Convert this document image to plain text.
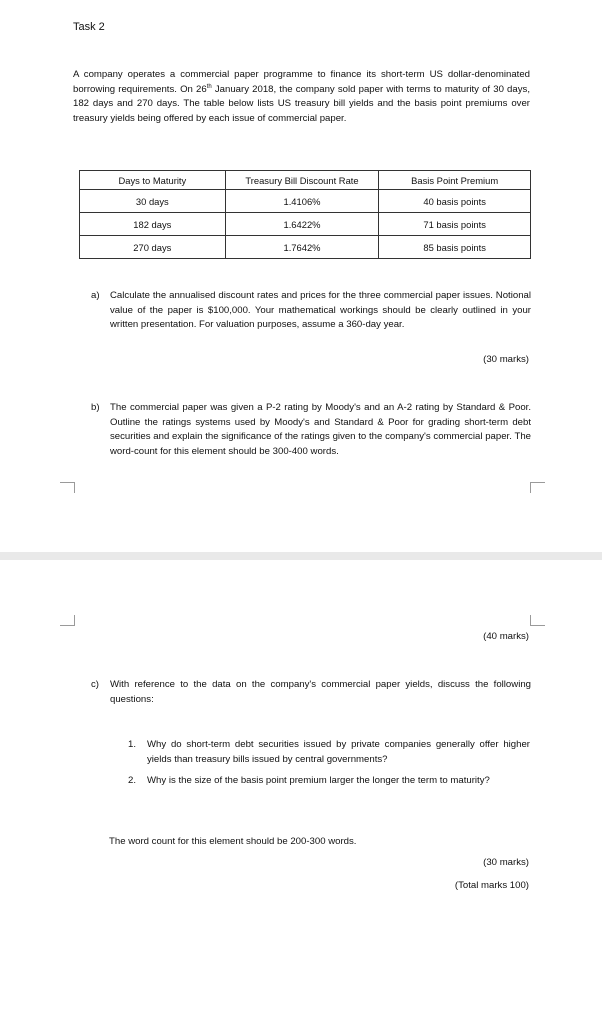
Task 2
A company operates a commercial paper programme to finance its short-term US dollar-denominated borrowing requirements. On 26th January 2018, the company sold paper with terms to maturity of 30 days, 182 days and 270 days. The table below lists US treasury bill yields and the basis point premiums over treasury yields being offered by each issue of commercial paper.
Days to Maturity	Treasury Bill Discount Rate	Basis Point Premium
30 days	1.4106%	40 basis points
182 days	1.6422%	71 basis points
270 days	1.7642%	85 basis points
a) Calculate the annualised discount rates and prices for the three commercial paper issues. Notional value of the paper is $100,000. Your mathematical workings should be clearly outlined in your written presentation. For valuation purposes, assume a 360-day year.
(30 marks)
b) The commercial paper was given a P-2 rating by Moody's and an A-2 rating by Standard & Poor. Outline the ratings systems used by Moody's and Standard & Poor for grading short-term debt securities and explain the significance of the ratings given to the company's commercial paper. The word-count for this element should be 300-400 words.
(40 marks)
c) With reference to the data on the company's commercial paper yields, discuss the following questions:
1. Why do short-term debt securities issued by private companies generally offer higher yields than treasury bills issued by central governments?
2. Why is the size of the basis point premium larger the longer the term to maturity?
The word count for this element should be 200-300 words.
(30 marks)
(Total marks 100)
